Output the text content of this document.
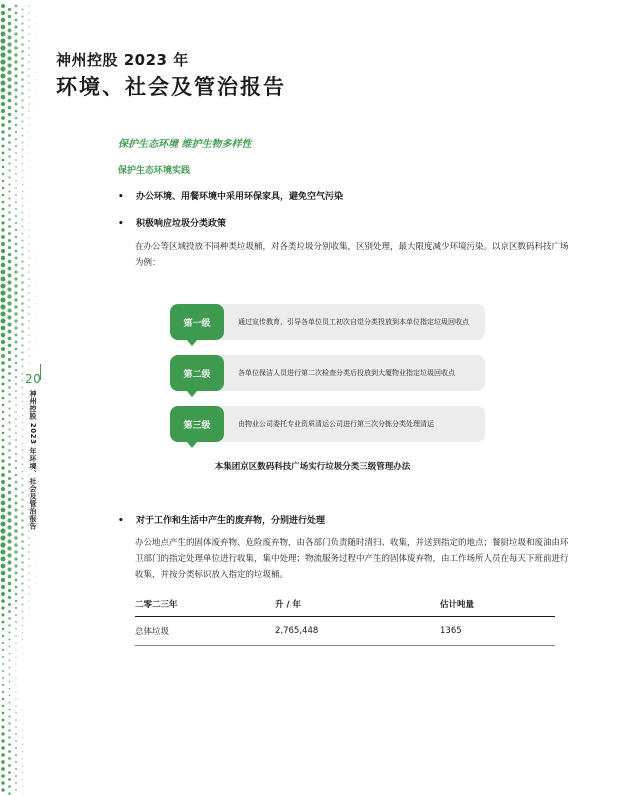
20
神州控股 2023 年环境、社会及管治报告
神州控股 2023 年
环境、社会及管治报告
保护生态环境 维护生物多样性
保护生态环境实践
• 办公环境、用餐环境中采用环保家具，避免空气污染
• 积极响应垃圾分类政策
在办公等区域投放不同种类垃圾桶，对各类垃圾分别收集，区别处理，最大限度减少环境污染。以京区数码科技广场为例：
第一级	通过宣传教育，引导各单位员工初次自觉分类投放到本单位指定垃圾回收点
第二级	各单位保洁人员进行第二次检查分类后投放到大厦物业指定垃圾回收点
第三级	由物业公司委托专业资质清运公司进行第三次分拣分类处理清运
本集团京区数码科技广场实行垃圾分类三级管理办法
• 对于工作和生活中产生的废弃物，分别进行处理
办公地点产生的固体废弃物、危险废弃物，由各部门负责随时清扫、收集，并送到指定的地点；餐厨垃圾和废油由环卫部门的指定处理单位进行收集，集中处理；物流服务过程中产生的固体废弃物，由工作场所人员在每天下班前进行收集，并按分类标识放入指定的垃圾桶。
二零二三年	升 / 年	估计吨量
总体垃圾	2,765,448	1365
